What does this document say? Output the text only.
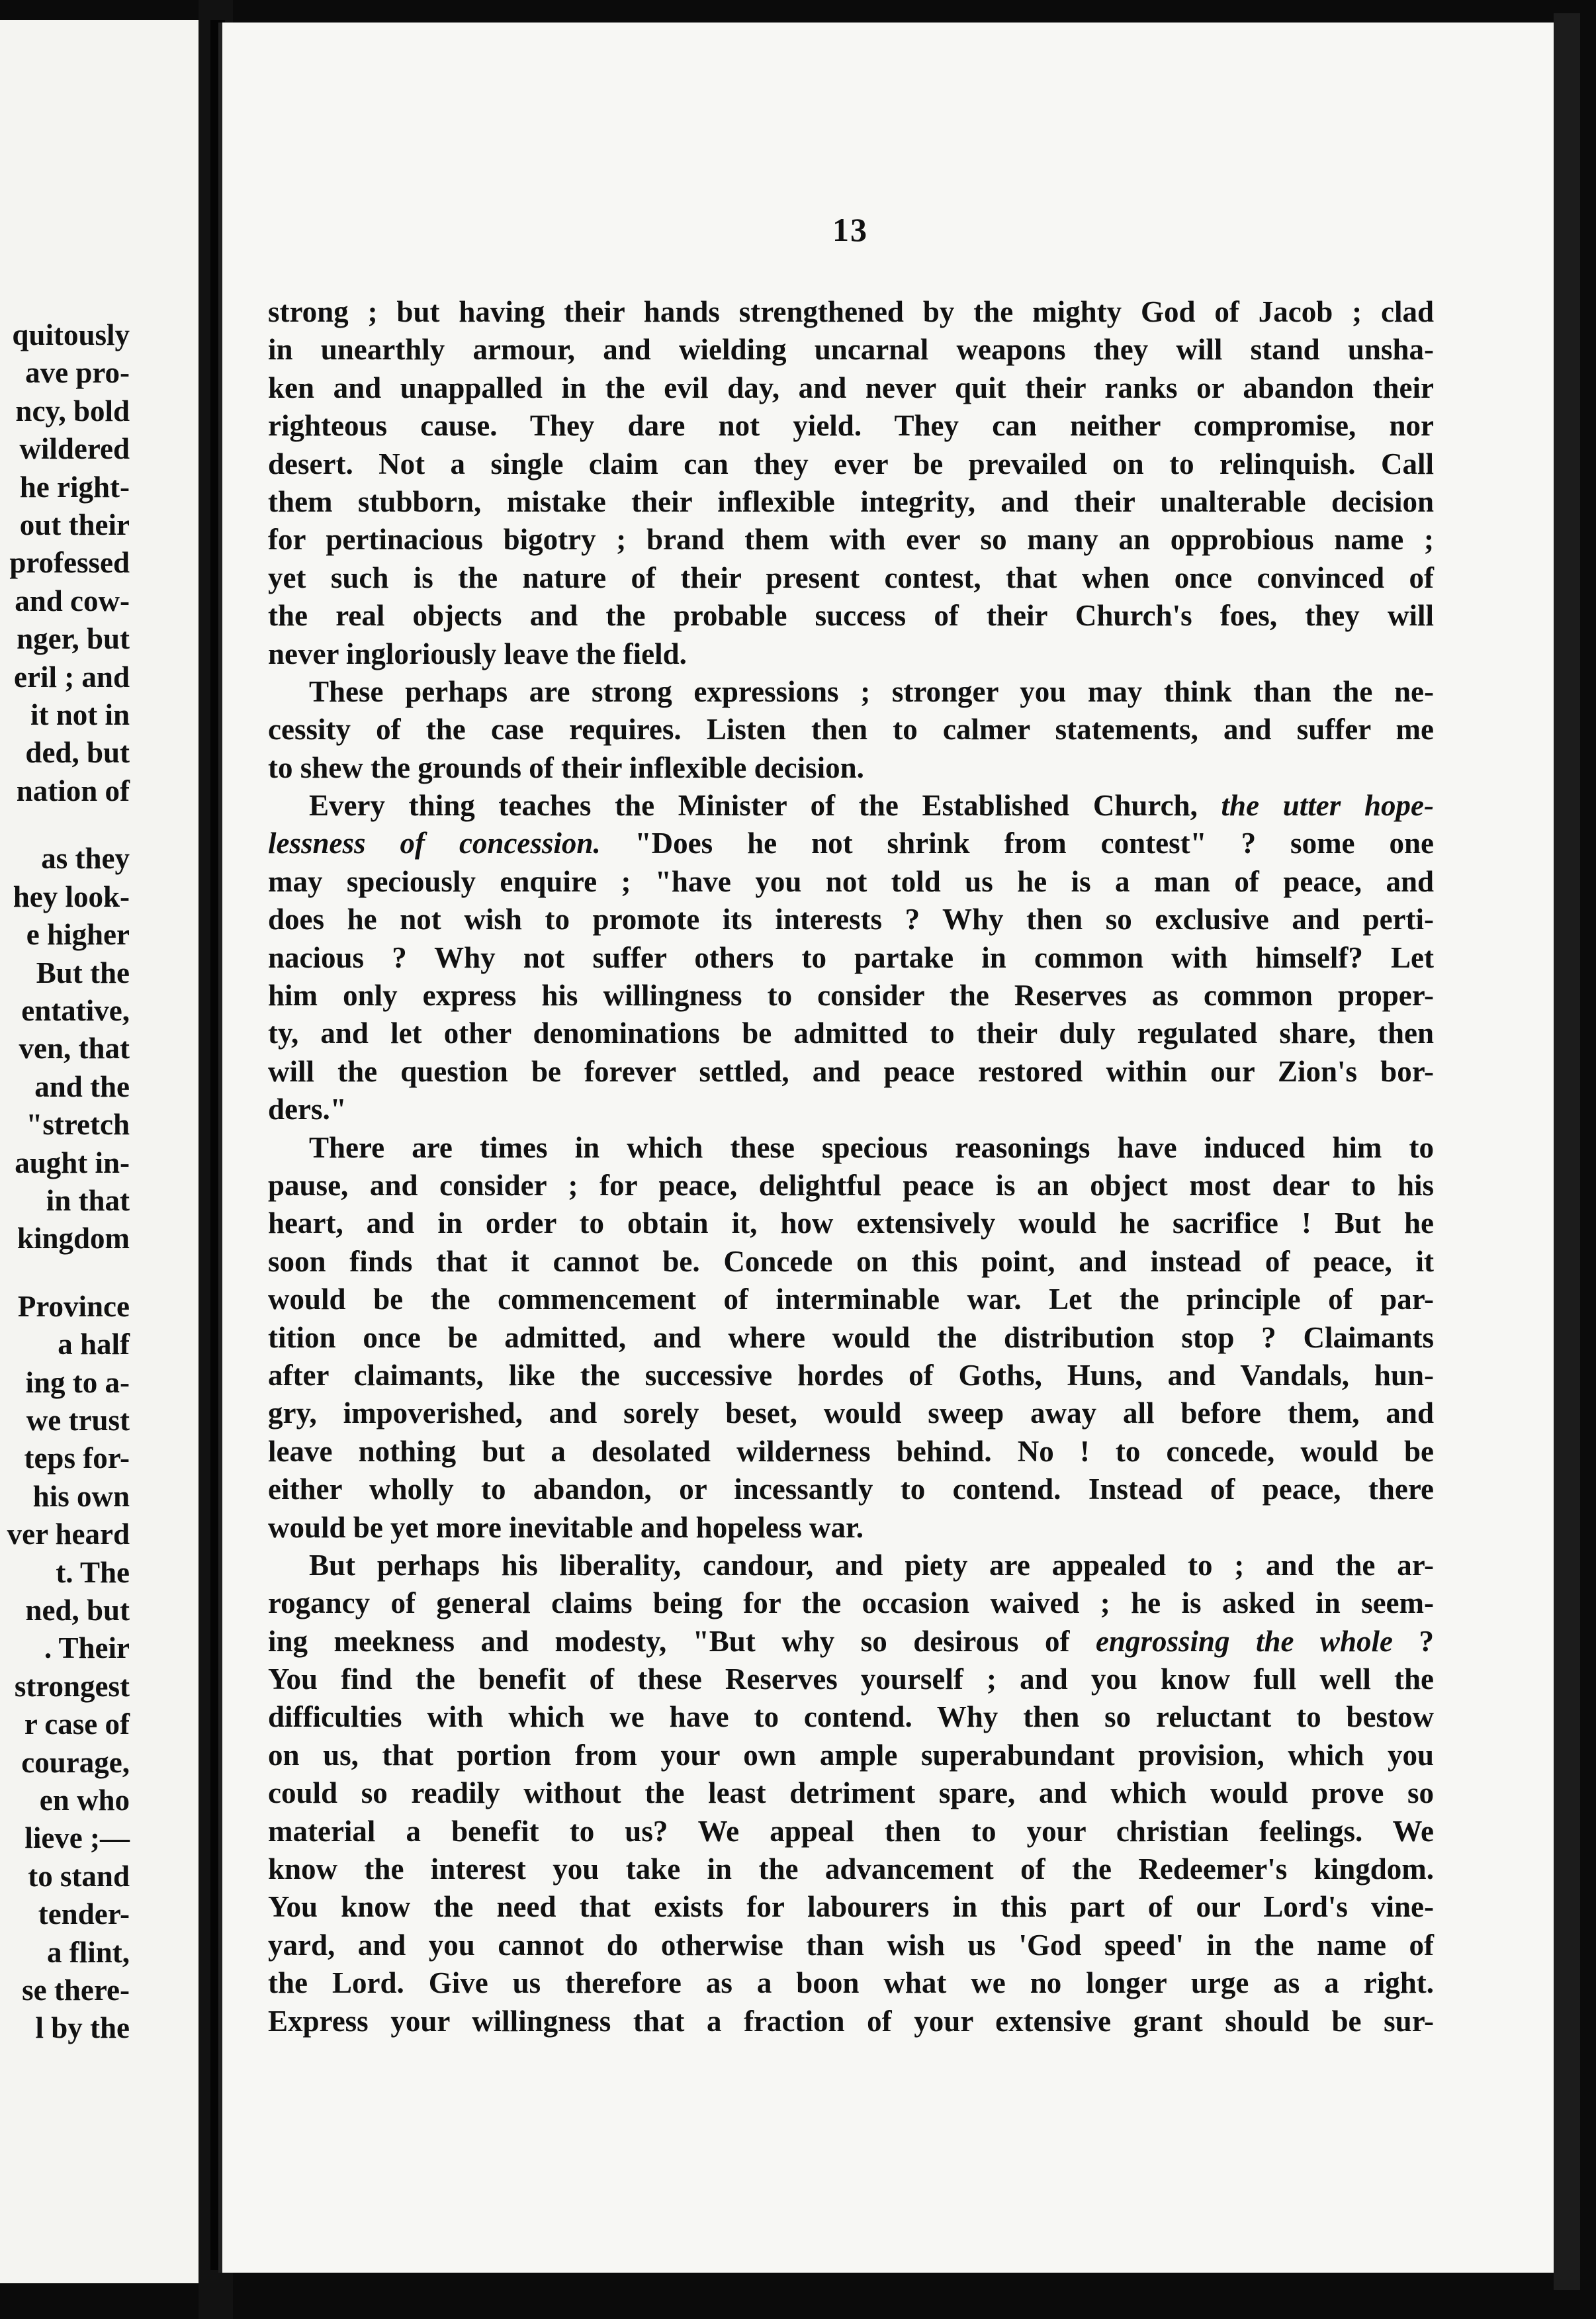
quitously
ave pro-
ncy, bold
wildered
he right-
out their
professed
and cow-
nger, but
eril ; and
it not in
ded, but
nation of
as they
hey look-
e higher
But the
entative,
ven, that
and the
"stretch
aught in-
in that
kingdom
Province
a half
ing to a-
we trust
teps for-
his own
ver heard
t. The
ned, but
. Their
strongest
r case of
courage,
en who
lieve ;—
to stand
tender-
a flint,
se there-
l by the
13
strong ; but having their hands strengthened by the mighty God of Jacob ; clad
in unearthly armour, and wielding uncarnal weapons they will stand unsha-
ken and unappalled in the evil day, and never quit their ranks or abandon their
righteous cause. They dare not yield. They can neither compromise, nor
desert. Not a single claim can they ever be prevailed on to relinquish. Call
them stubborn, mistake their inflexible integrity, and their unalterable decision
for pertinacious bigotry ; brand them with ever so many an opprobious name ;
yet such is the nature of their present contest, that when once convinced of
the real objects and the probable success of their Church's foes, they will
never ingloriously leave the field.
These perhaps are strong expressions ; stronger you may think than the ne-
cessity of the case requires. Listen then to calmer statements, and suffer me
to shew the grounds of their inflexible decision.
Every thing teaches the Minister of the Established Church, the utter hope-
lessness of concession. "Does he not shrink from contest" ? some one
may speciously enquire ; "have you not told us he is a man of peace, and
does he not wish to promote its interests ? Why then so exclusive and perti-
nacious ? Why not suffer others to partake in common with himself? Let
him only express his willingness to consider the Reserves as common proper-
ty, and let other denominations be admitted to their duly regulated share, then
will the question be forever settled, and peace restored within our Zion's bor-
ders."
There are times in which these specious reasonings have induced him to
pause, and consider ; for peace, delightful peace is an object most dear to his
heart, and in order to obtain it, how extensively would he sacrifice ! But he
soon finds that it cannot be. Concede on this point, and instead of peace, it
would be the commencement of interminable war. Let the principle of par-
tition once be admitted, and where would the distribution stop ? Claimants
after claimants, like the successive hordes of Goths, Huns, and Vandals, hun-
gry, impoverished, and sorely beset, would sweep away all before them, and
leave nothing but a desolated wilderness behind. No ! to concede, would be
either wholly to abandon, or incessantly to contend. Instead of peace, there
would be yet more inevitable and hopeless war.
But perhaps his liberality, candour, and piety are appealed to ; and the ar-
rogancy of general claims being for the occasion waived ; he is asked in seem-
ing meekness and modesty, "But why so desirous of engrossing the whole ?
You find the benefit of these Reserves yourself ; and you know full well the
difficulties with which we have to contend. Why then so reluctant to bestow
on us, that portion from your own ample superabundant provision, which you
could so readily without the least detriment spare, and which would prove so
material a benefit to us? We appeal then to your christian feelings. We
know the interest you take in the advancement of the Redeemer's kingdom.
You know the need that exists for labourers in this part of our Lord's vine-
yard, and you cannot do otherwise than wish us 'God speed' in the name of
the Lord. Give us therefore as a boon what we no longer urge as a right.
Express your willingness that a fraction of your extensive grant should be sur-
